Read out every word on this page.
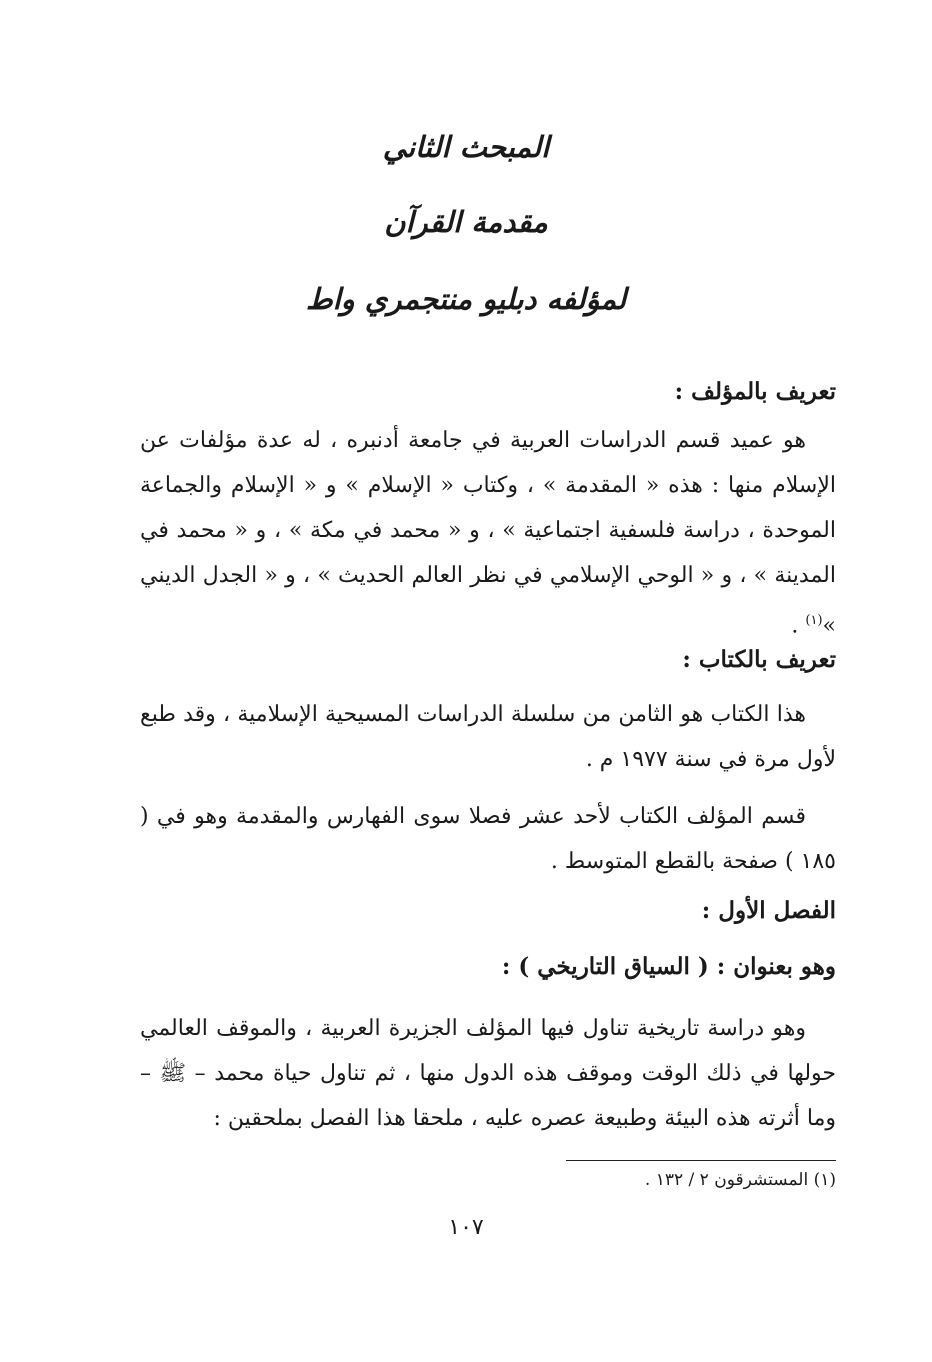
المبحث الثاني
مقدمة القرآن
لمؤلفه دبليو منتجمري واط

تعريف بالمؤلف :

هو عميد قسم الدراسات العربية في جامعة أدنبره ، له عدة مؤلفات عن الإسلام منها : هذه « المقدمة » ، وكتاب « الإسلام » و « الإسلام والجماعة الموحدة ، دراسة فلسفية اجتماعية » ، و « محمد في مكة » ، و « محمد في المدينة » ، و « الوحي الإسلامي في نظر العالم الحديث » ، و « الجدل الديني »$^{(١)}$ .

تعريف بالكتاب :

هذا الكتاب هو الثامن من سلسلة الدراسات المسيحية الإسلامية ، وقد طبع لأول مرة في سنة ١٩٧٧ م .

قسم المؤلف الكتاب لأحد عشر فصلا سوى الفهارس والمقدمة وهو في ( ١٨٥ ) صفحة بالقطع المتوسط .

الفصل الأول :

وهو بعنوان : ( السياق التاريخي ) :

وهو دراسة تاريخية تناول فيها المؤلف الجزيرة العربية ، والموقف العالمي حولها في ذلك الوقت وموقف هذه الدول منها ، ثم تناول حياة محمد – ﷺ – وما أثرته هذه البيئة وطبيعة عصره عليه ، ملحقا هذا الفصل بملحقين :

(١) المستشرقون ٢ / ١٣٢ .

١٠٧
